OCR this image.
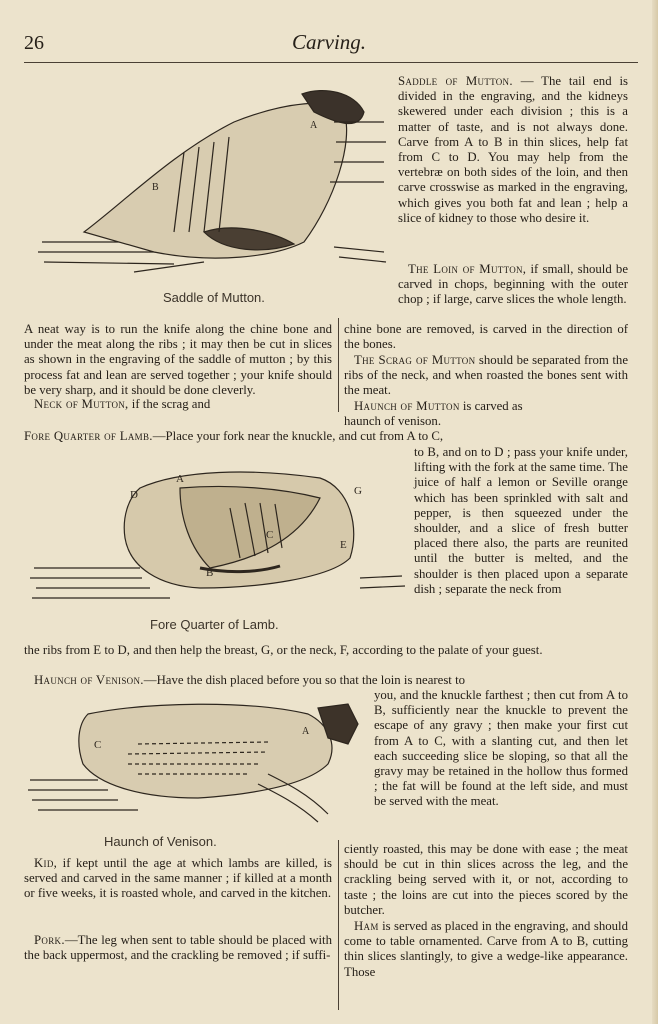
26	Carving.
B
A
Saddle of Mutton.

Saddle of Mutton. — The tail end is divided in the engraving, and the kidneys skewered under each division ; this is a matter of taste, and is not always done. Carve from A to B in thin slices, help fat from C to D. You may help from the vertebræ on both sides of the loin, and then carve crosswise as marked in the engraving, which gives you both fat and lean ; help a slice of kidney to those who desire it.

The Loin of Mutton, if small, should be carved in chops, beginning with the outer chop ; if large, carve slices the whole length.

A neat way is to run the knife along the chine bone and under the meat along the ribs ; it may then be cut in slices as shown in the engraving of the saddle of mutton ; by this process fat and lean are served together ; your knife should be very sharp, and it should be done cleverly.

Neck of Mutton, if the scrag and

chine bone are removed, is carved in the direction of the bones.

The Scrag of Mutton should be separated from the ribs of the neck, and when roasted the bones sent with the meat.

Haunch of Mutton is carved as

haunch of venison.

Fore Quarter of Lamb.—Place your fork near the knuckle, and cut from A to C,

A
D	G
E
B
C
Fore Quarter of Lamb.

to B, and on to D ; pass your knife under, lifting with the fork at the same time. The juice of half a lemon or Seville orange which has been sprinkled with salt and pepper, is then squeezed under the shoulder, and a slice of fresh butter placed there also, the parts are reunited until the butter is melted, and the shoulder is then placed upon a separate dish ; separate the neck from

the ribs from E to D, and then help the breast, G, or the neck, F, according to the palate of your guest.

Haunch of Venison.—Have the dish placed before you so that the loin is nearest to

A
C
Haunch of Venison.

you, and the knuckle farthest ; then cut from A to B, sufficiently near the knuckle to prevent the escape of any gravy ; then make your first cut from A to C, with a slanting cut, and then let each succeeding slice be sloping, so that all the gravy may be retained in the hollow thus formed ; the fat will be found at the left side, and must be served with the meat.

Kid, if kept until the age at which lambs are killed, is served and carved in the same manner ; if killed at a month or five weeks, it is roasted whole, and carved in the kitchen.

Pork.—The leg when sent to table should be placed with the back uppermost, and the crackling be removed ; if suffi-

ciently roasted, this may be done with ease ; the meat should be cut in thin slices across the leg, and the crackling being served with it, or not, according to taste ; the loins are cut into the pieces scored by the butcher.

Ham is served as placed in the engraving, and should come to table ornamented. Carve from A to B, cutting thin slices slantingly, to give a wedge-like appearance. Those
